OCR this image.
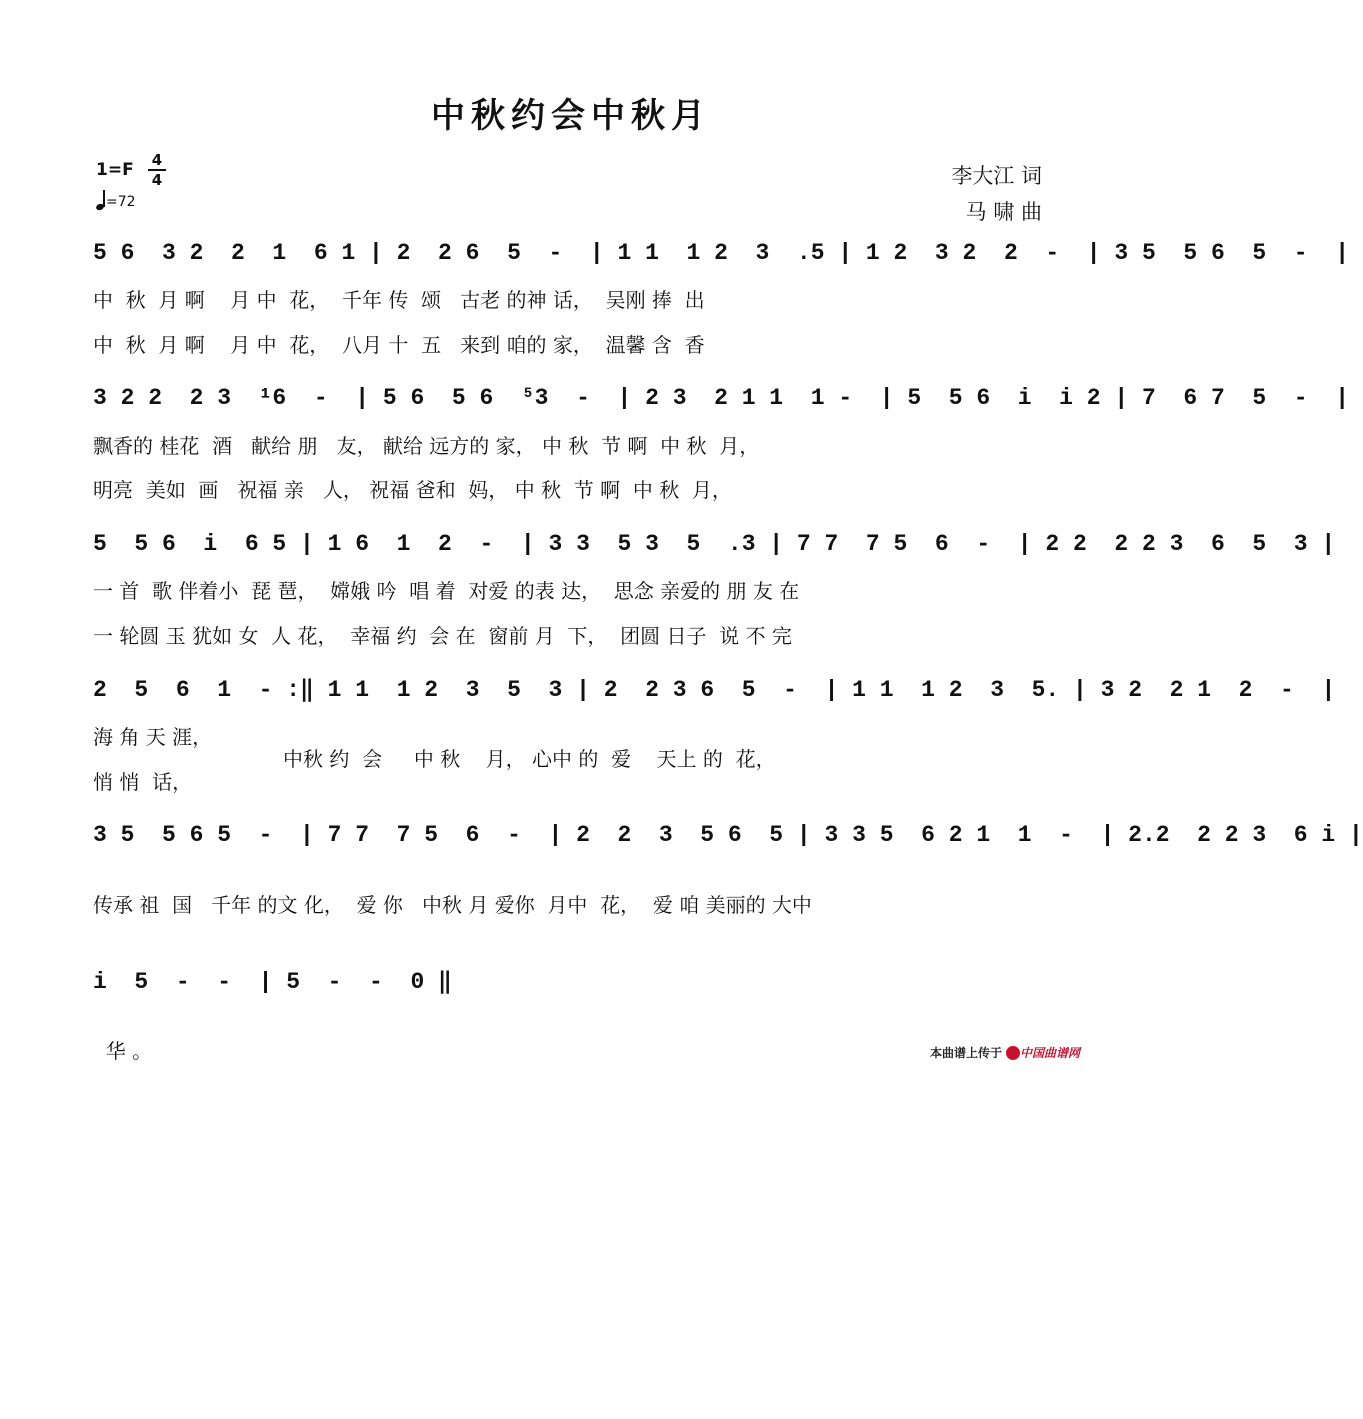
中秋约会中秋月
1=F 4
4
=72
李大江 词
马 啸 曲
5 6  3 2  2  1  6 1 | 2  2 6  5  -  | 1 1  1 2  3  .5 | 1 2  3 2  2  -  | 3 5  5 6  5  -  |
中  秋  月 啊    月 中  花，  千年 传  颂   古老 的神 话，  吴刚 捧  出
中  秋  月 啊    月 中  花，  八月 十  五   来到 咱的 家，  温馨 含  香
3 2 2  2 3  ¹6  -  | 5 6  5 6  ⁵3  -  | 2 3  2 1 1  1 -  | 5  5 6  i  i 2 | 7  6 7  5  -  |
飘香的 桂花  酒   献给 朋   友， 献给 远方的 家， 中 秋  节 啊  中 秋  月，
明亮  美如  画   祝福 亲   人， 祝福 爸和  妈， 中 秋  节 啊  中 秋  月，
5  5 6  i  6 5 | 1 6  1  2  -  | 3 3  5 3  5  .3 | 7 7  7 5  6  -  | 2 2  2 2 3  6  5  3 |
一 首  歌 伴着小  琵 琶，  嫦娥 吟  唱 着  对爱 的表 达，  思念 亲爱的 朋 友 在
一 轮圆 玉 犹如 女  人 花，  幸福 约  会 在  窗前 月  下，  团圆 日子  说 不 完
2  5  6  1  - :‖ 1 1  1 2  3  5  3 | 2  2 3 6  5  -  | 1 1  1 2  3  5. | 3 2  2 1  2  -  |
海 角 天 涯，
悄 悄  话，
中秋 约  会     中 秋    月， 心中 的  爱    天上 的  花，
3 5  5 6 5  -  | 7 7  7 5  6  -  | 2  2  3  5 6  5 | 3 3 5  6 2 1  1  -  | 2.2  2 2 3  6 i |
传承 祖  国   千年 的文 化，  爱 你   中秋 月 爱你  月中  花，  爱 咱 美丽的 大中
i  5  -  -  | 5  -  -  0 ‖
华 。	本曲谱上传于 中国曲谱网
